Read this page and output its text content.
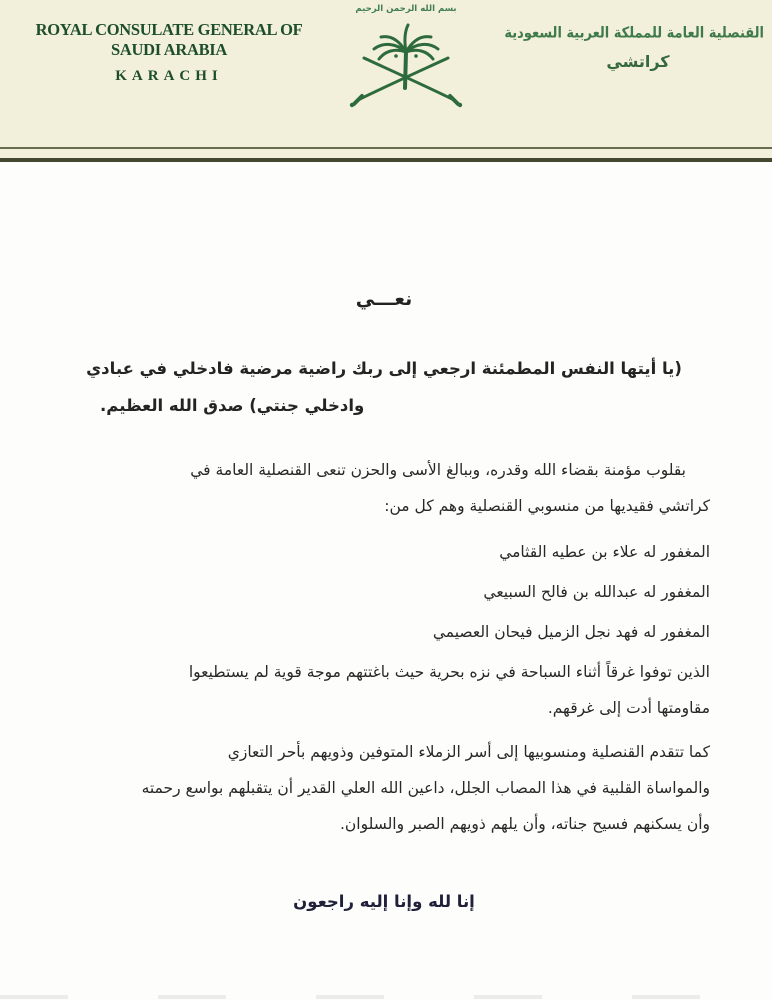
ROYAL CONSULATE GENERAL OF
SAUDI ARABIA
KARACHI
بسم الله الرحمن الرحيم
القنصلية العامة للمملكة العربية السعودية
كراتشي
نعـــي
(يا أيتها النفس المطمئنة ارجعي إلى ربك راضية مرضية فادخلي في عبادي
وادخلي جنتي) صدق الله العظيم.
بقلوب مؤمنة بقضاء الله وقدره، وببالغ الأسى والحزن تنعى القنصلية العامة في
كراتشي فقيديها من منسوبي القنصلية وهم كل من:
المغفور له علاء بن عطيه القثامي
المغفور له عبدالله بن فالح السبيعي
المغفور له فهد نجل الزميل فيحان العصيمي
الذين توفوا غرقاً أثناء السباحة في نزه بحرية حيث باغتتهم موجة قوية لم يستطيعوا
مقاومتها أدت إلى غرقهم.
كما تتقدم القنصلية ومنسوبيها إلى أسر الزملاء المتوفين وذويهم بأحر التعازي
والمواساة القلبية في هذا المصاب الجلل، داعين الله العلي القدير أن يتقبلهم بواسع رحمته
وأن يسكنهم فسيح جناته، وأن يلهم ذويهم الصبر والسلوان.
إنا لله وإنا إليه راجعون
